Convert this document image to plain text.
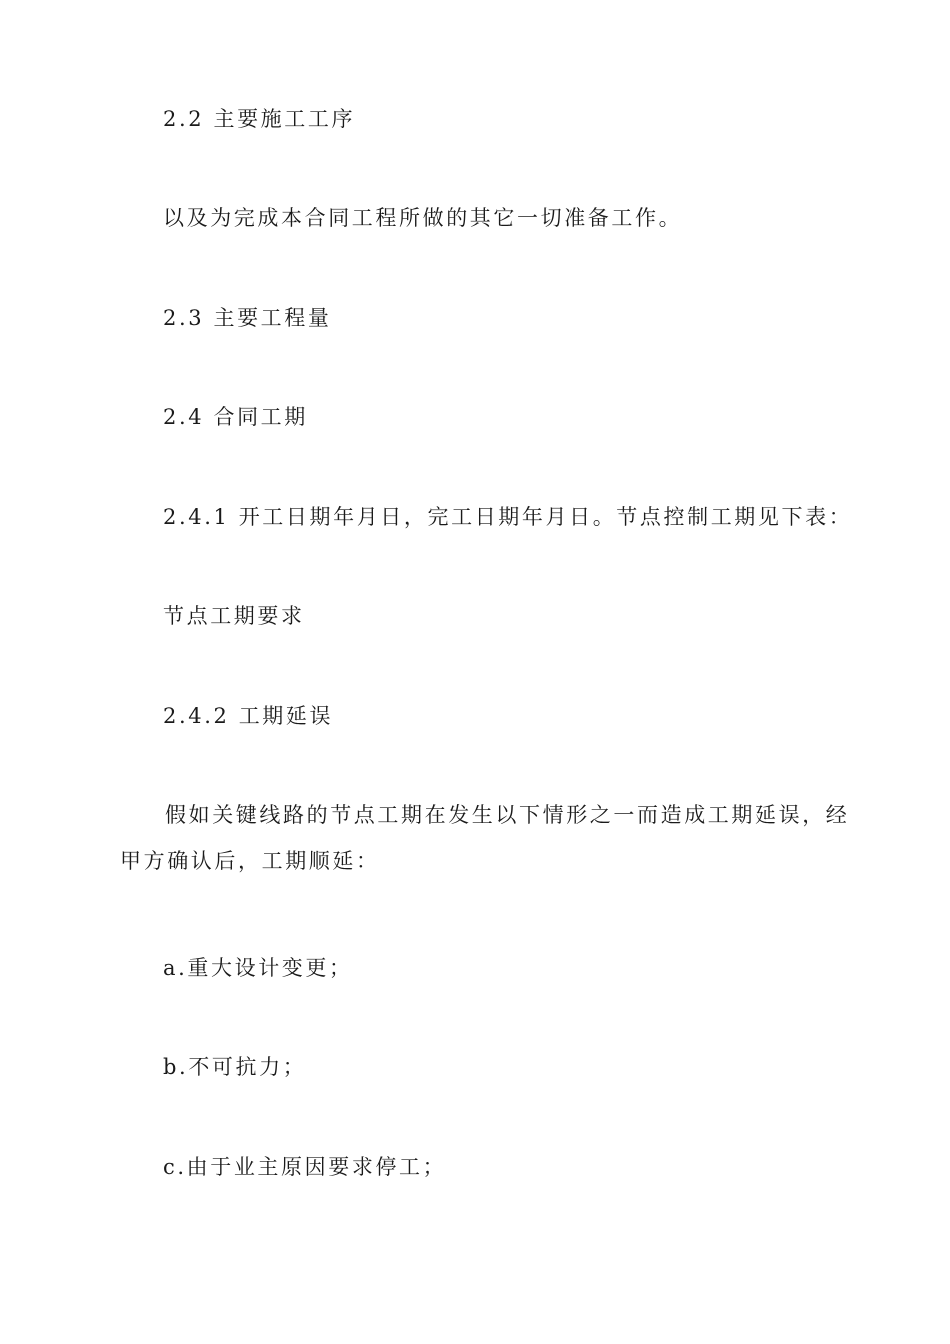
2.2 主要施工工序
以及为完成本合同工程所做的其它一切准备工作。
2.3 主要工程量
2.4 合同工期
2.4.1 开工日期年月日，完工日期年月日。节点控制工期见下表：
节点工期要求
2.4.2 工期延误
假如关键线路的节点工期在发生以下情形之一而造成工期延误，经
甲方确认后，工期顺延：
a.重大设计变更；
b.不可抗力；
c.由于业主原因要求停工；
